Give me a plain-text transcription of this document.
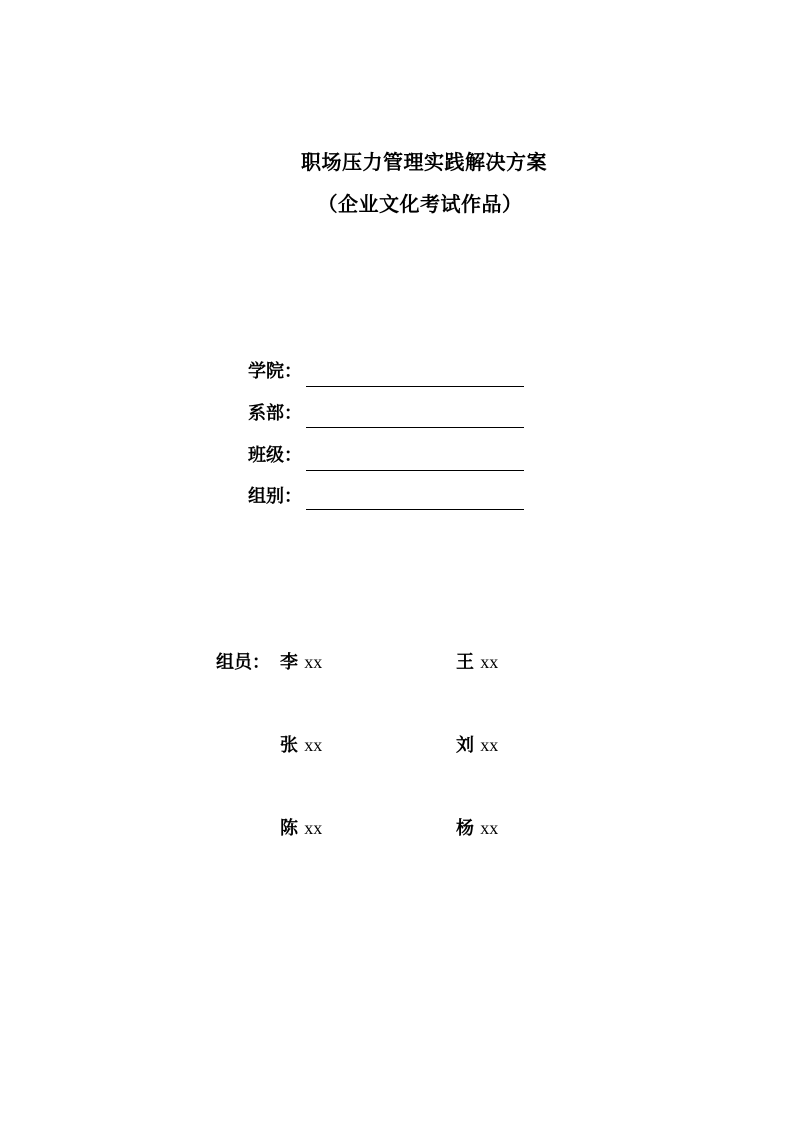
职场压力管理实践解决方案
（企业文化考试作品）
学院：
系部：
班级：
组别：
组员： 李 xx	王 xx
张 xx	刘 xx
陈 xx	杨 xx
